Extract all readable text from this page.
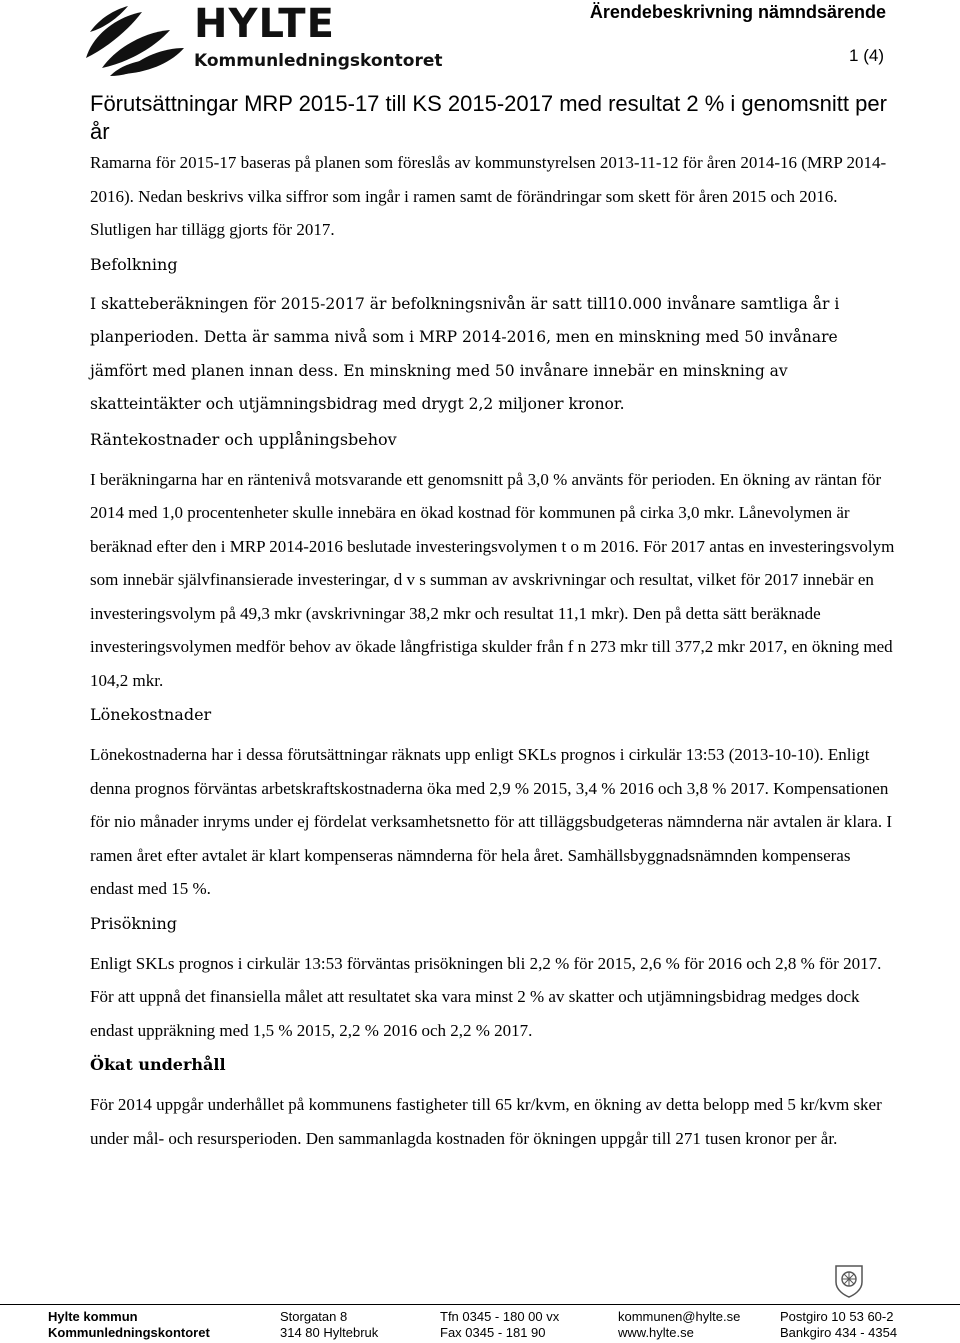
HYLTE
Kommunledningskontoret
Ärendebeskrivning nämndsärende
1 (4)
Förutsättningar MRP 2015-17 till KS 2015-2017 med resultat 2 % i genomsnitt per år

Ramarna för 2015-17 baseras på planen som föreslås av kommunstyrelsen 2013-11-12 för åren 2014-16 (MRP 2014-2016). Nedan beskrivs vilka siffror som ingår i ramen samt de förändringar som skett för åren 2015 och 2016. Slutligen har tillägg gjorts för 2017.

Befolkning

I skatteberäkningen för 2015-2017 är befolkningsnivån är satt till10.000 invånare samtliga år i planperioden. Detta är samma nivå som i MRP 2014-2016, men en minskning med 50 invånare jämfört med planen innan dess. En minskning med 50 invånare innebär en minskning av skatteintäkter och utjämningsbidrag med drygt 2,2 miljoner kronor.

Räntekostnader och upplåningsbehov

I beräkningarna har en räntenivå motsvarande ett genomsnitt på 3,0 % använts för perioden. En ökning av räntan för 2014 med 1,0 procentenheter skulle innebära en ökad kostnad för kommunen på cirka 3,0 mkr. Lånevolymen är beräknad efter den i MRP 2014-2016 beslutade investeringsvolymen t o m 2016. För 2017 antas en investeringsvolym som innebär självfinansierade investeringar, d v s summan av avskrivningar och resultat, vilket för 2017 innebär en investeringsvolym på 49,3 mkr (avskrivningar 38,2 mkr och resultat 11,1 mkr). Den på detta sätt beräknade investeringsvolymen medför behov av ökade långfristiga skulder från f n 273 mkr till 377,2 mkr 2017, en ökning med 104,2 mkr.

Lönekostnader

Lönekostnaderna har i dessa förutsättningar räknats upp enligt SKLs prognos i cirkulär 13:53 (2013-10-10). Enligt denna prognos förväntas arbetskraftskostnaderna öka med 2,9 % 2015, 3,4 % 2016 och 3,8 % 2017. Kompensationen för nio månader inryms under ej fördelat verksamhetsnetto för att tilläggsbudgeteras nämnderna när avtalen är klara. I ramen året efter avtalet är klart kompenseras nämnderna för hela året. Samhällsbyggnadsnämnden kompenseras endast med 15 %.

Prisökning

Enligt SKLs prognos i cirkulär 13:53 förväntas prisökningen bli 2,2 % för 2015, 2,6 % för 2016 och 2,8 % för 2017. För att uppnå det finansiella målet att resultatet ska vara minst 2 % av skatter och utjämningsbidrag medges dock endast uppräkning med 1,5 % 2015, 2,2 % 2016 och 2,2 % 2017.

Ökat underhåll

För 2014 uppgår underhållet på kommunens fastigheter till 65 kr/kvm, en ökning av detta belopp med 5 kr/kvm sker under mål- och resursperioden. Den sammanlagda kostnaden för ökningen uppgår till 271 tusen kronor per år.

Hylte kommun
Kommunledningskontoret
Storgatan 8
314 80 Hyltebruk
Tfn 0345 - 180 00 vx
Fax 0345 - 181 90
kommunen@hylte.se
www.hylte.se
Postgiro 10 53 60-2
Bankgiro 434 - 4354
